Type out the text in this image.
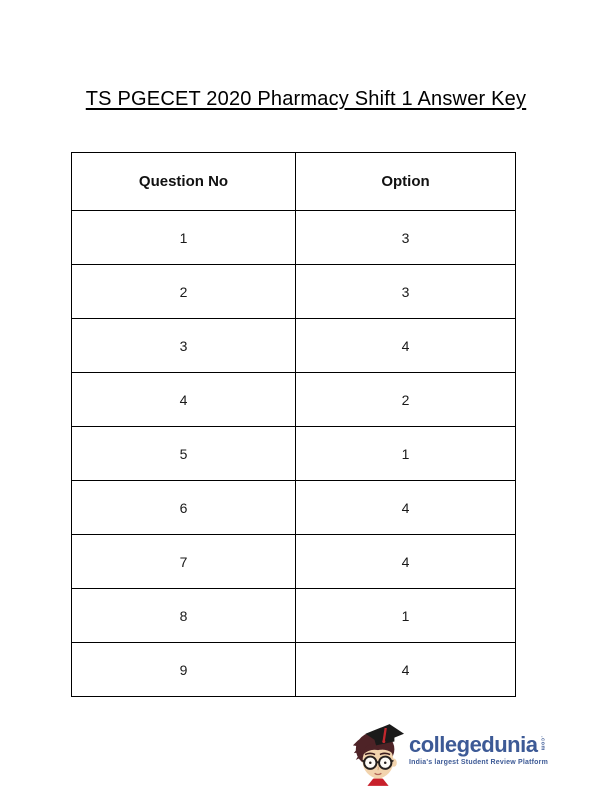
TS PGECET 2020 Pharmacy Shift 1 Answer Key
Question No	Option
1	3
2	3
3	4
4	2
5	1
6	4
7	4
8	1
9	4
collegedunia .com
India's largest Student Review Platform
